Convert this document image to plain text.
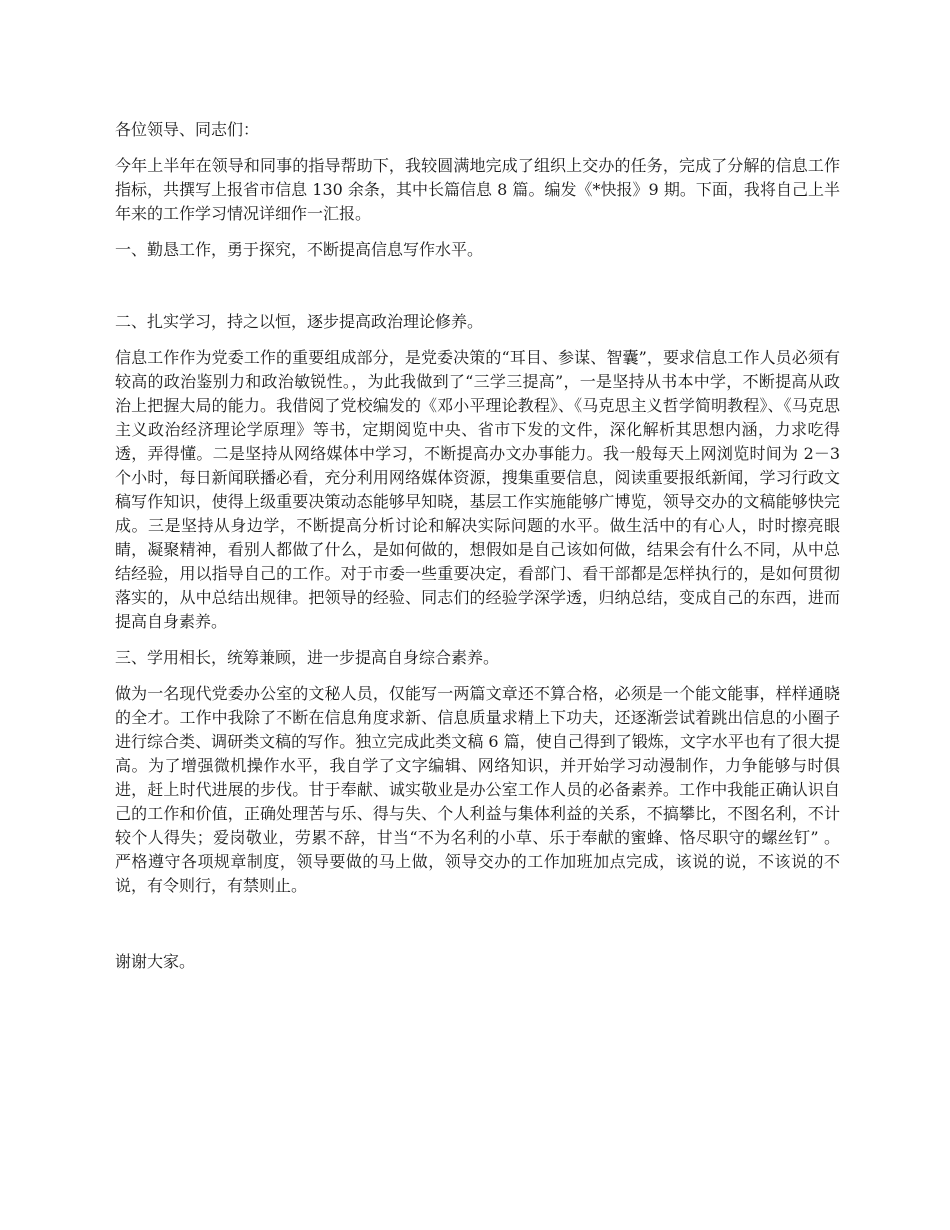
各位领导、同志们：

今年上半年在领导和同事的指导帮助下，我较圆满地完成了组织上交办的任务，完成了分解的信息工作指标，共撰写上报省市信息 130 余条，其中长篇信息 8 篇。编发《*快报》9 期。下面，我将自己上半年来的工作学习情况详细作一汇报。

一、勤恳工作，勇于探究，不断提高信息写作水平。

二、扎实学习，持之以恒，逐步提高政治理论修养。

信息工作作为党委工作的重要组成部分，是党委决策的“耳目、参谋、智囊”，要求信息工作人员必须有较高的政治鉴别力和政治敏锐性。，为此我做到了“三学三提高”，一是坚持从书本中学，不断提高从政治上把握大局的能力。我借阅了党校编发的《邓小平理论教程》、《马克思主义哲学简明教程》、《马克思主义政治经济理论学原理》等书，定期阅览中央、省市下发的文件，深化解析其思想内涵，力求吃得透，弄得懂。二是坚持从网络媒体中学习，不断提高办文办事能力。我一般每天上网浏览时间为 2－3 个小时，每日新闻联播必看，充分利用网络媒体资源，搜集重要信息，阅读重要报纸新闻，学习行政文稿写作知识，使得上级重要决策动态能够早知晓，基层工作实施能够广博览，领导交办的文稿能够快完成。三是坚持从身边学，不断提高分析讨论和解决实际问题的水平。做生活中的有心人，时时擦亮眼睛，凝聚精神，看别人都做了什么，是如何做的，想假如是自己该如何做，结果会有什么不同，从中总结经验，用以指导自己的工作。对于市委一些重要决定，看部门、看干部都是怎样执行的，是如何贯彻落实的，从中总结出规律。把领导的经验、同志们的经验学深学透，归纳总结，变成自己的东西，进而提高自身素养。

三、学用相长，统筹兼顾，进一步提高自身综合素养。

做为一名现代党委办公室的文秘人员，仅能写一两篇文章还不算合格，必须是一个能文能事，样样通晓的全才。工作中我除了不断在信息角度求新、信息质量求精上下功夫，还逐渐尝试着跳出信息的小圈子进行综合类、调研类文稿的写作。独立完成此类文稿 6 篇，使自己得到了锻炼，文字水平也有了很大提高。为了增强微机操作水平，我自学了文字编辑、网络知识，并开始学习动漫制作，力争能够与时俱进，赶上时代进展的步伐。甘于奉献、诚实敬业是办公室工作人员的必备素养。工作中我能正确认识自己的工作和价值，正确处理苦与乐、得与失、个人利益与集体利益的关系，不搞攀比，不图名利，不计较个人得失；爱岗敬业，劳累不辞，甘当“不为名利的小草、乐于奉献的蜜蜂、恪尽职守的螺丝钉” 。严格遵守各项规章制度，领导要做的马上做，领导交办的工作加班加点完成，该说的说，不该说的不说，有令则行，有禁则止。

谢谢大家。
